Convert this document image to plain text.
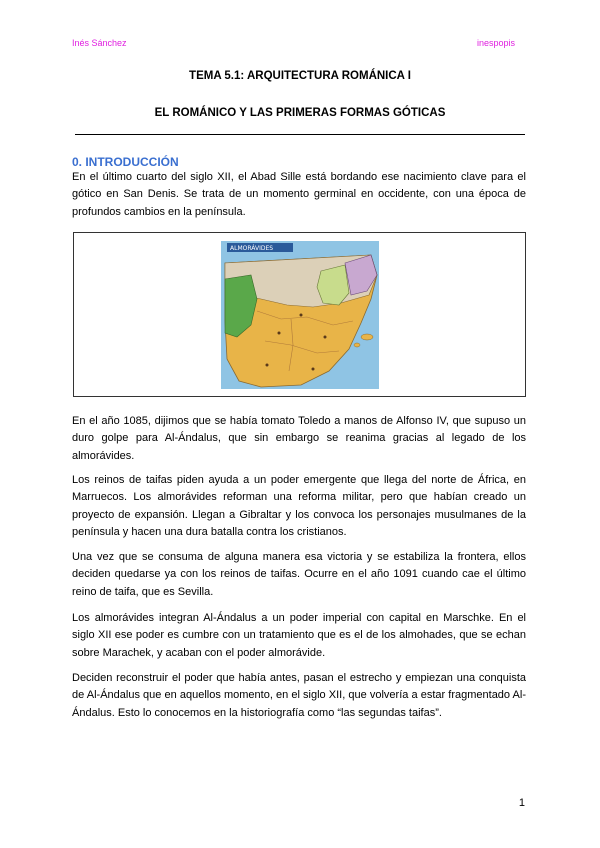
Inés Sánchez	inespopis
TEMA 5.1: ARQUITECTURA ROMÁNICA I
EL ROMÁNICO Y LAS PRIMERAS FORMAS GÓTICAS
0. INTRODUCCIÓN

En el último cuarto del siglo XII, el Abad Sille está bordando ese nacimiento clave para el gótico en San Denis. Se trata de un momento germinal en occidente, con una época de profundos cambios en la península.

ALMORÁVIDES

En el año 1085, dijimos que se había tomato Toledo a manos de Alfonso IV, que supuso un duro golpe para Al-Ándalus, que sin embargo se reanima gracias al legado de los almorávides.

Los reinos de taifas piden ayuda a un poder emergente que llega del norte de África, en Marruecos. Los almorávides reforman una reforma militar, pero que habían creado un proyecto de expansión. Llegan a Gibraltar y los convoca los personajes musulmanes de la península y hacen una dura batalla contra los cristianos.

Una vez que se consuma de alguna manera esa victoria y se estabiliza la frontera, ellos deciden quedarse ya con los reinos de taifas. Ocurre en el año 1091 cuando cae el último reino de taifa, que es Sevilla.

Los almorávides integran Al-Ándalus a un poder imperial con capital en Marschke. En el siglo XII ese poder es cumbre con un tratamiento que es el de los almohades, que se echan sobre Marachek, y acaban con el poder almorávide.

Deciden reconstruir el poder que había antes, pasan el estrecho y empiezan una conquista de Al-Ándalus que en aquellos momento, en el siglo XII, que volvería a estar fragmentado Al-Ándalus. Esto lo conocemos en la historiografía como “las segundas taifas”.

1
